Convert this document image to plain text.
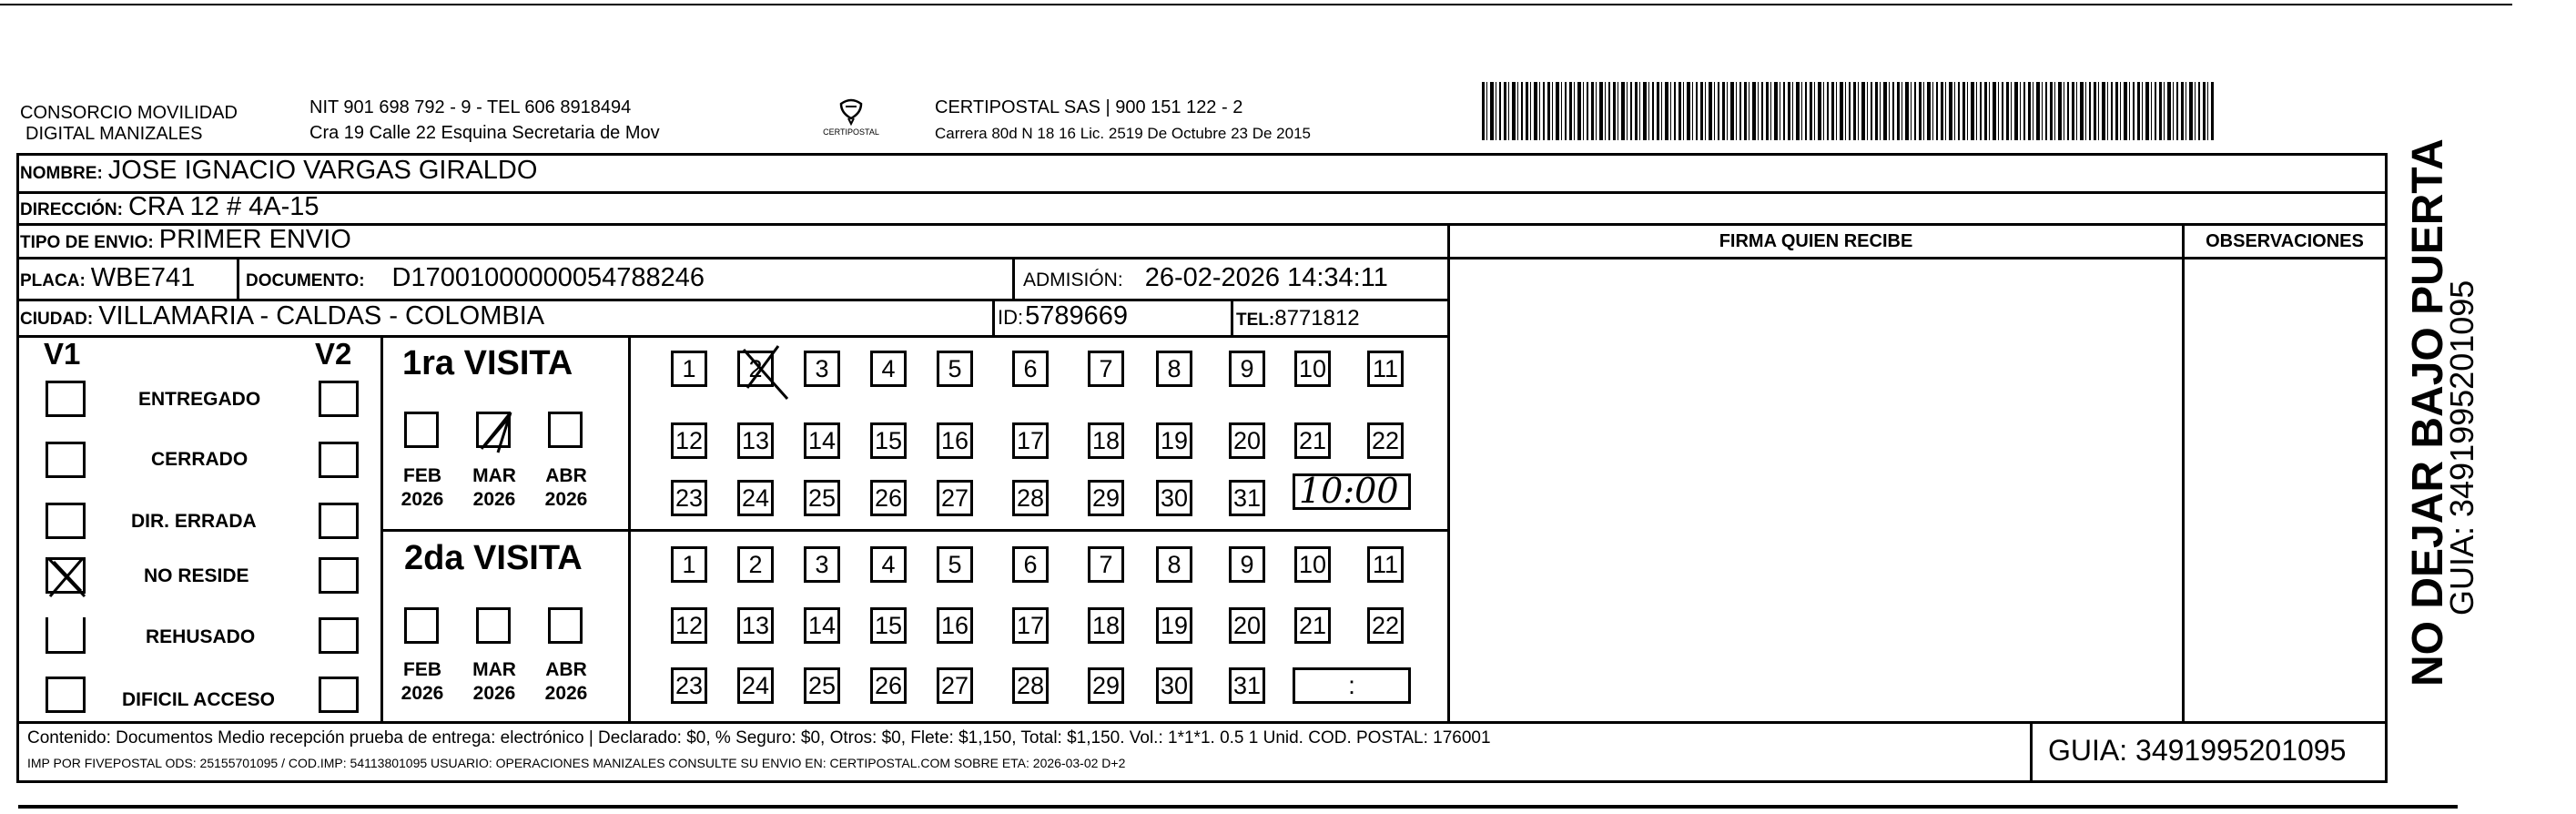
CONSORCIO MOVILIDAD
DIGITAL MANIZALES
NIT 901 698 792 - 9 - TEL 606 8918494
Cra 19 Calle 22 Esquina Secretaria de Mov	CERTIPOSTAL
CERTIPOSTAL SAS | 900 151 122 - 2
Carrera 80d N 18 16 Lic. 2519 De Octubre 23 De 2015
NOMBRE: JOSE IGNACIO VARGAS GIRALDO
DIRECCIÓN: CRA 12 # 4A-15
TIPO DE ENVIO: PRIMER ENVIO	FIRMA QUIEN RECIBE	OBSERVACIONES
PLACA: WBE741	DOCUMENTO: D17001000000054788246	ADMISIÓN: 26-02-2026 14:34:11
CIUDAD: VILLAMARIA - CALDAS - COLOMBIA	ID: 5789669	TEL: 8771812
V1	V2
ENTREGADO
CERRADO
DIR. ERRADA
NO RESIDE
REHUSADO
DIFICIL ACCESO
1ra VISITA
2da VISITA
FEB
2026
MAR
2026
ABR
2026
FEB
2026
MAR
2026
ABR
2026
1	2	3	4	5	6	7	8	9	10 11
12 13 14 15 16 17 18 19 20 21 22
23 24 25 26 27 28 29 30 31
1	2	3	4	5	6	7	8	9	10 11
12 13 14 15 16 17 18 19 20 21 22
23 24 25 26 27 28 29 30 31
10:00
:
Contenido: Documentos Medio recepción prueba de entrega: electrónico | Declarado: $0, % Seguro: $0, Otros: $0, Flete: $1,150, Total: $1,150. Vol.: 1*1*1. 0.5 1 Unid. COD. POSTAL: 176001
IMP POR FIVEPOSTAL ODS: 25155701095 / COD.IMP: 54113801095 USUARIO: OPERACIONES MANIZALES CONSULTE SU ENVIO EN: CERTIPOSTAL.COM SOBRE ETA: 2026-03-02 D+2	GUIA: 3491995201095
NO DEJAR BAJO PUERTA
GUIA: 3491995201095
